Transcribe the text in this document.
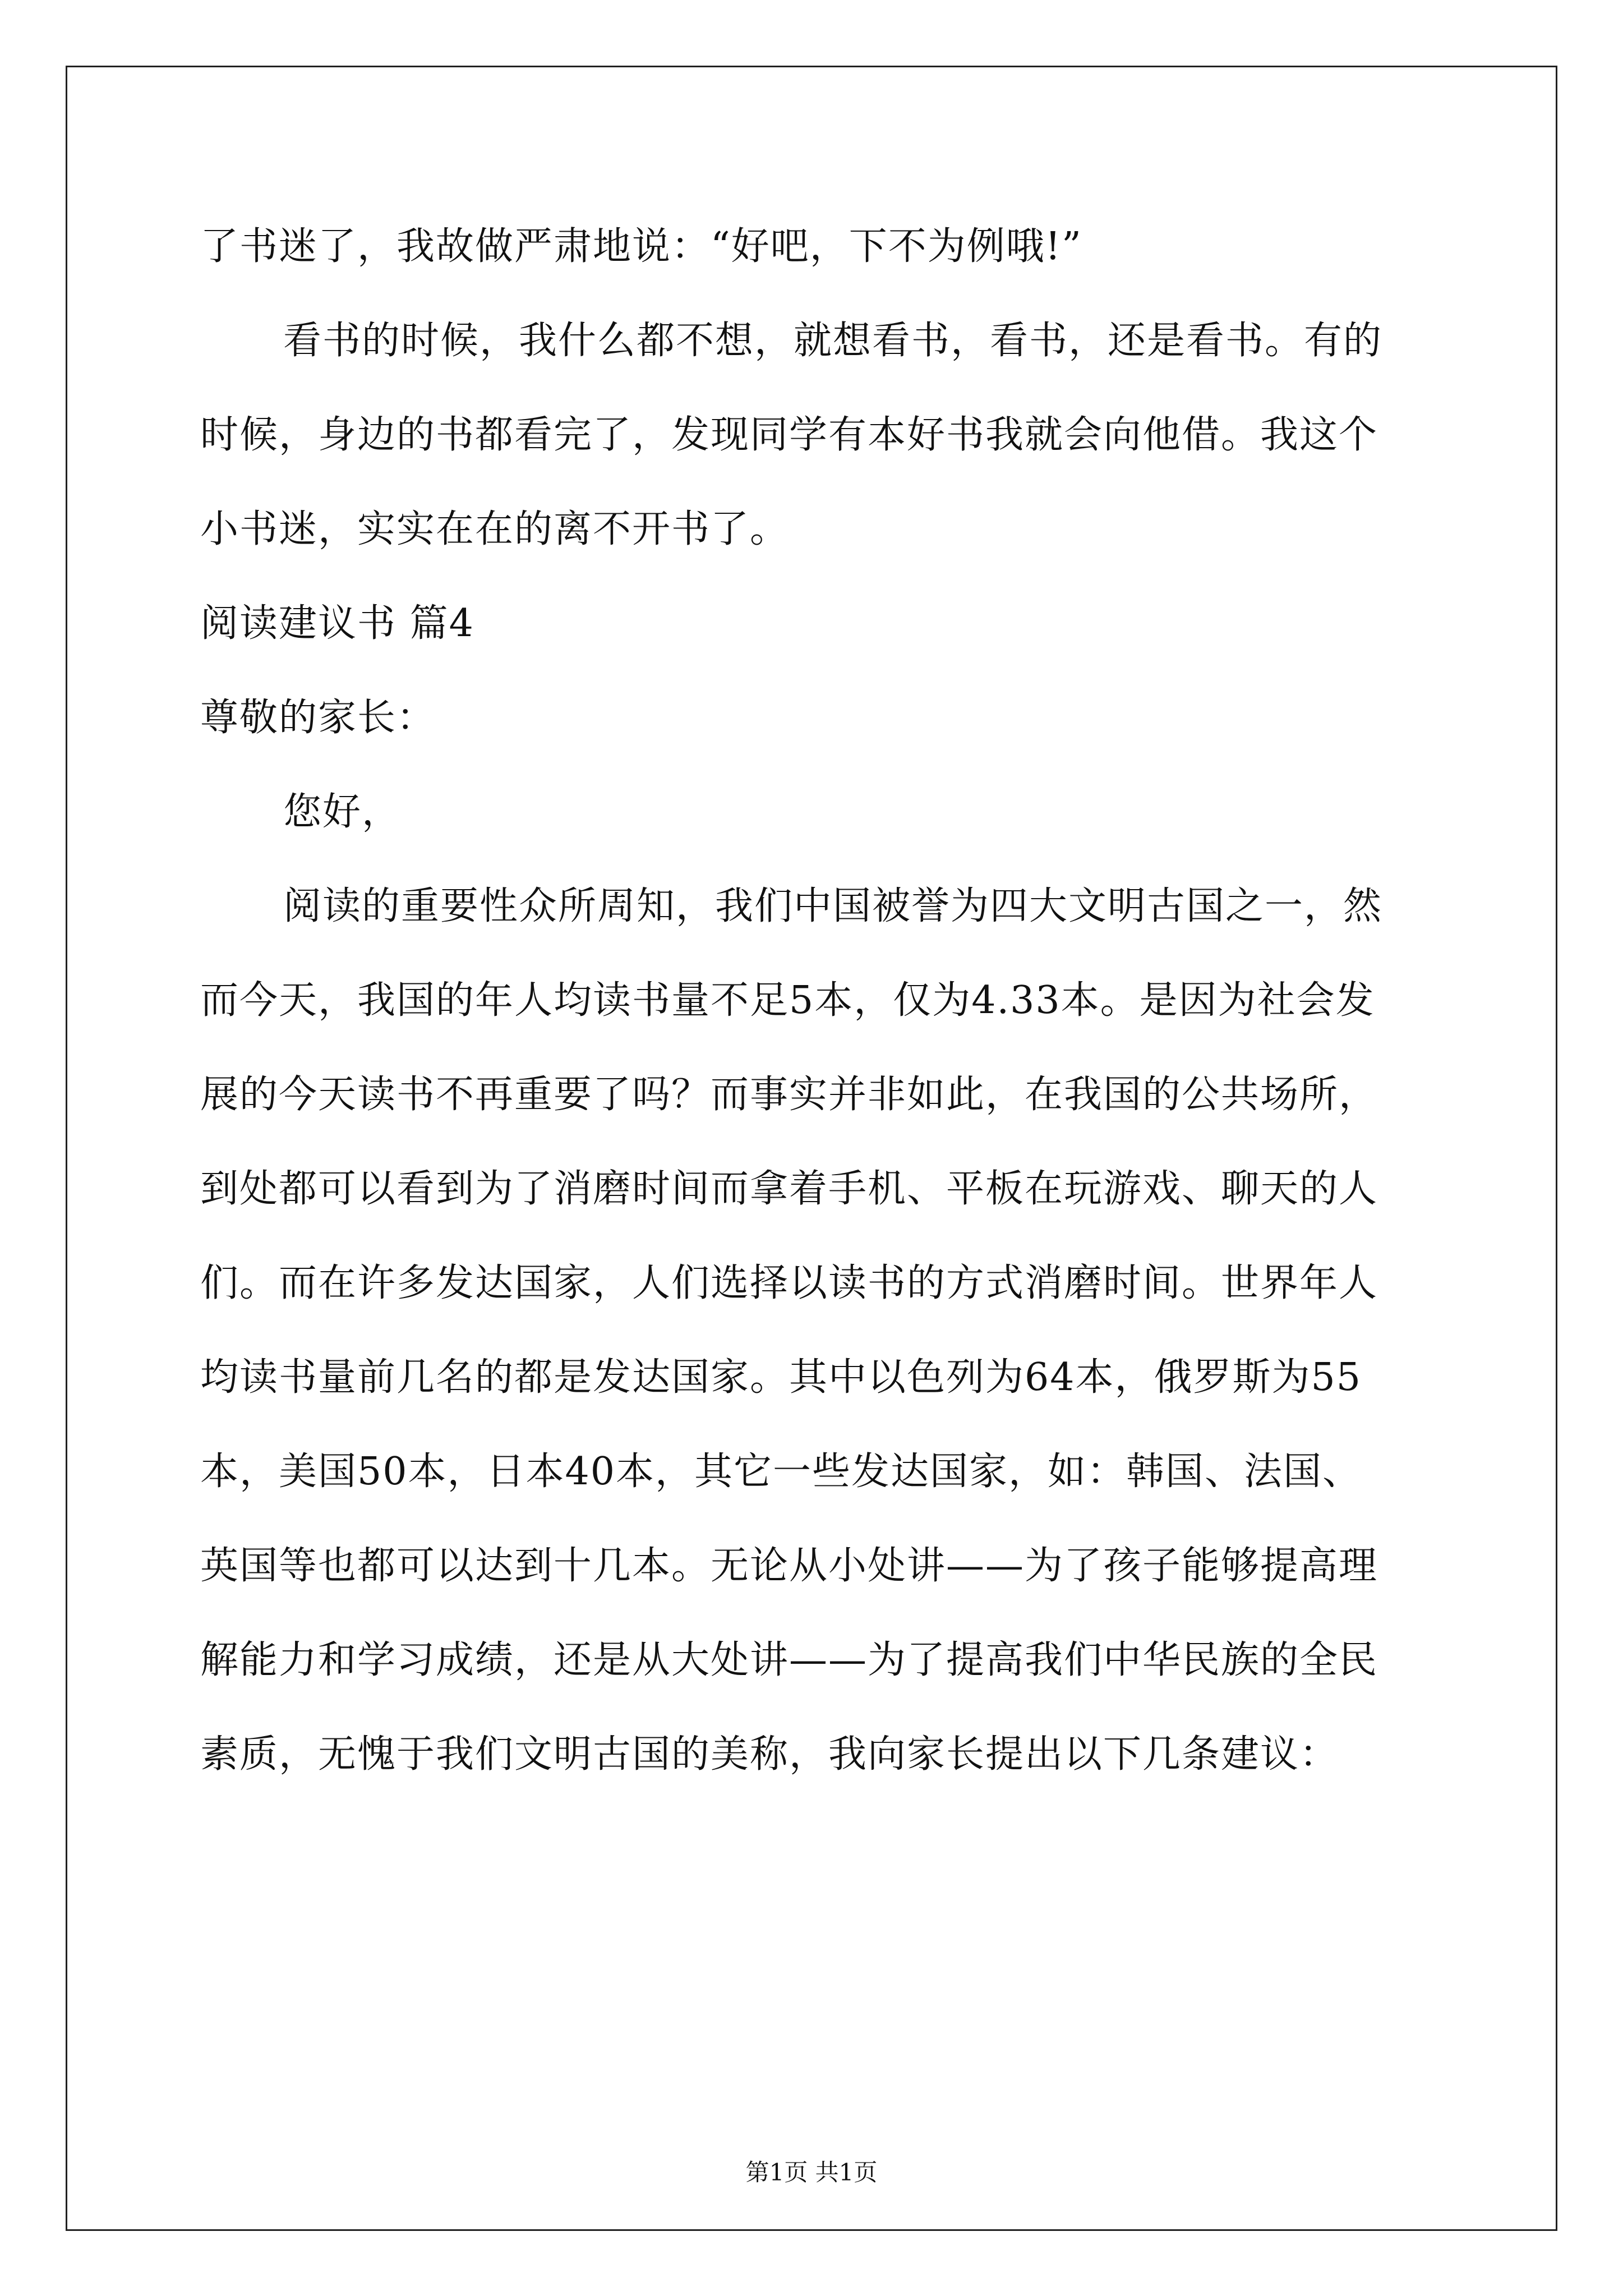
了书迷了，我故做严肃地说：“好吧，下不为例哦!”
看书的时候，我什么都不想，就想看书，看书，还是看书。有的
时候，身边的书都看完了，发现同学有本好书我就会向他借。我这个
小书迷，实实在在的离不开书了。
阅读建议书 篇4
尊敬的家长：
您好，
阅读的重要性众所周知，我们中国被誉为四大文明古国之一，然
而今天，我国的年人均读书量不足5本，仅为4.33本。是因为社会发
展的今天读书不再重要了吗？而事实并非如此，在我国的公共场所，
到处都可以看到为了消磨时间而拿着手机、平板在玩游戏、聊天的人
们。而在许多发达国家，人们选择以读书的方式消磨时间。世界年人
均读书量前几名的都是发达国家。其中以色列为64本，俄罗斯为55
本，美国50本，日本40本，其它一些发达国家，如：韩国、法国、
英国等也都可以达到十几本。无论从小处讲——为了孩子能够提高理
解能力和学习成绩，还是从大处讲——为了提高我们中华民族的全民
素质，无愧于我们文明古国的美称，我向家长提出以下几条建议：
第1页 共1页
